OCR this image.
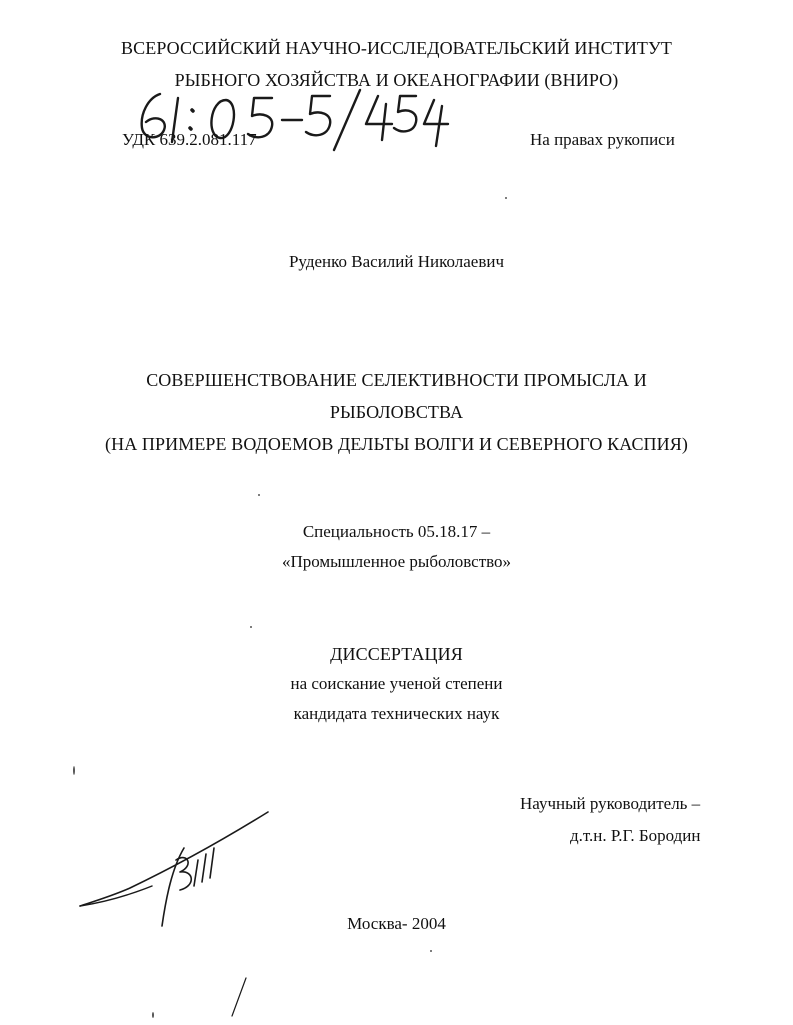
ВСЕРОССИЙСКИЙ НАУЧНО-ИССЛЕДОВАТЕЛЬСКИЙ ИНСТИТУТ
РЫБНОГО ХОЗЯЙСТВА И ОКЕАНОГРАФИИ (ВНИРО)
УДК 639.2.081.117	На правах рукописи
Руденко Василий Николаевич
СОВЕРШЕНСТВОВАНИЕ СЕЛЕКТИВНОСТИ ПРОМЫСЛА И
РЫБОЛОВСТВА
(НА ПРИМЕРЕ ВОДОЕМОВ ДЕЛЬТЫ ВОЛГИ И СЕВЕРНОГО КАСПИЯ)
Специальность 05.18.17 –
«Промышленное рыболовство»
ДИССЕРТАЦИЯ
на соискание ученой степени
кандидата технических наук
Научный руководитель –
д.т.н. Р.Г. Бородин
Москва- 2004
